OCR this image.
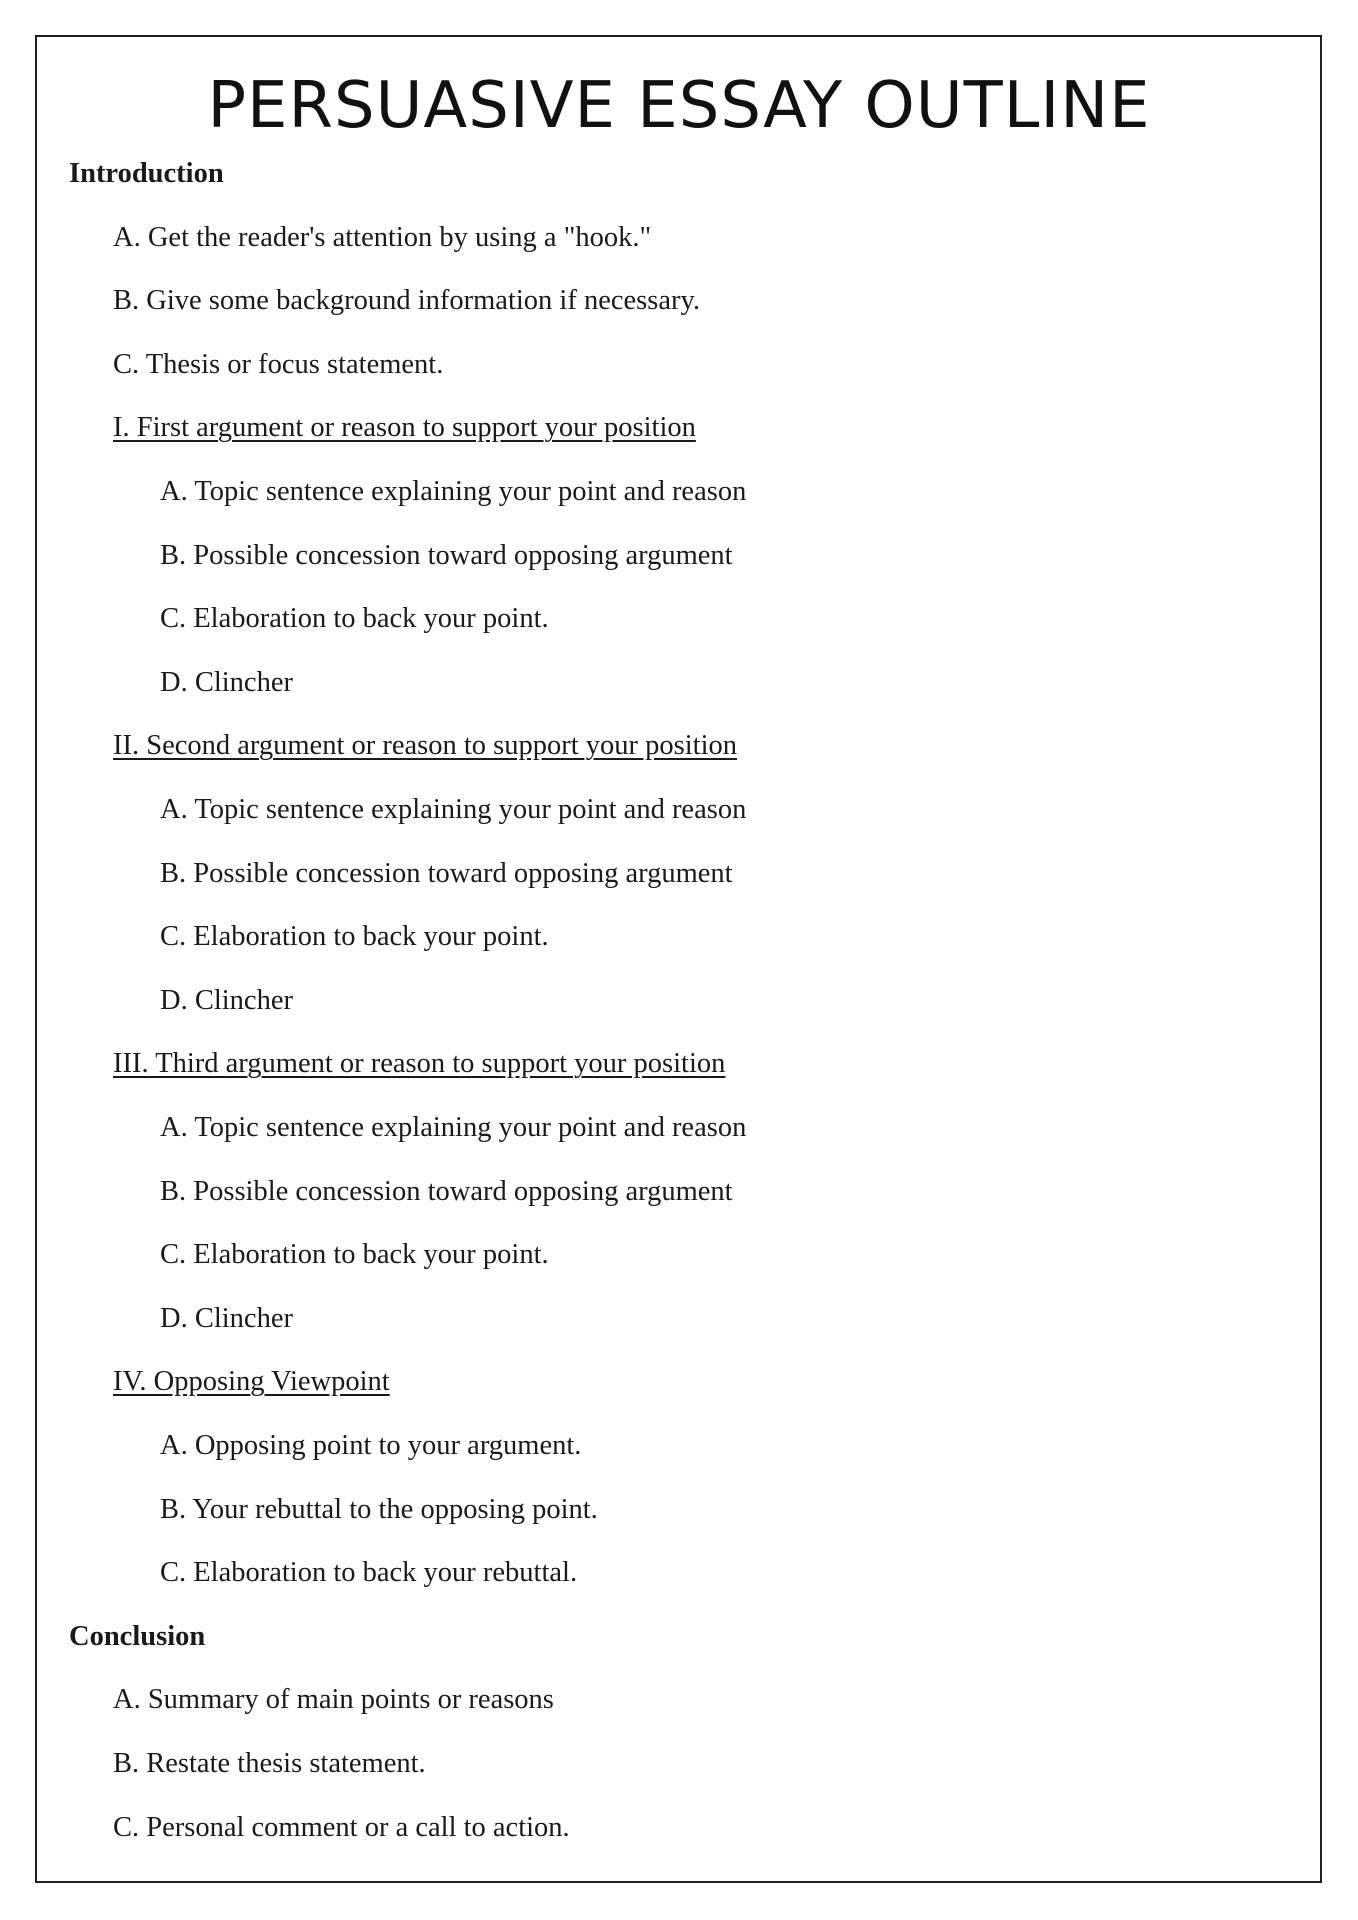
PERSUASIVE ESSAY OUTLINE

Introduction

A. Get the reader's attention by using a "hook."

B. Give some background information if necessary.

C. Thesis or focus statement.

I. First argument or reason to support your position

A. Topic sentence explaining your point and reason

B. Possible concession toward opposing argument

C. Elaboration to back your point.

D. Clincher

II. Second argument or reason to support your position

A. Topic sentence explaining your point and reason

B. Possible concession toward opposing argument

C. Elaboration to back your point.

D. Clincher

III. Third argument or reason to support your position

A. Topic sentence explaining your point and reason

B. Possible concession toward opposing argument

C. Elaboration to back your point.

D. Clincher

IV. Opposing Viewpoint

A. Opposing point to your argument.

B. Your rebuttal to the opposing point.

C. Elaboration to back your rebuttal.

Conclusion

A. Summary of main points or reasons

B. Restate thesis statement.

C. Personal comment or a call to action.
